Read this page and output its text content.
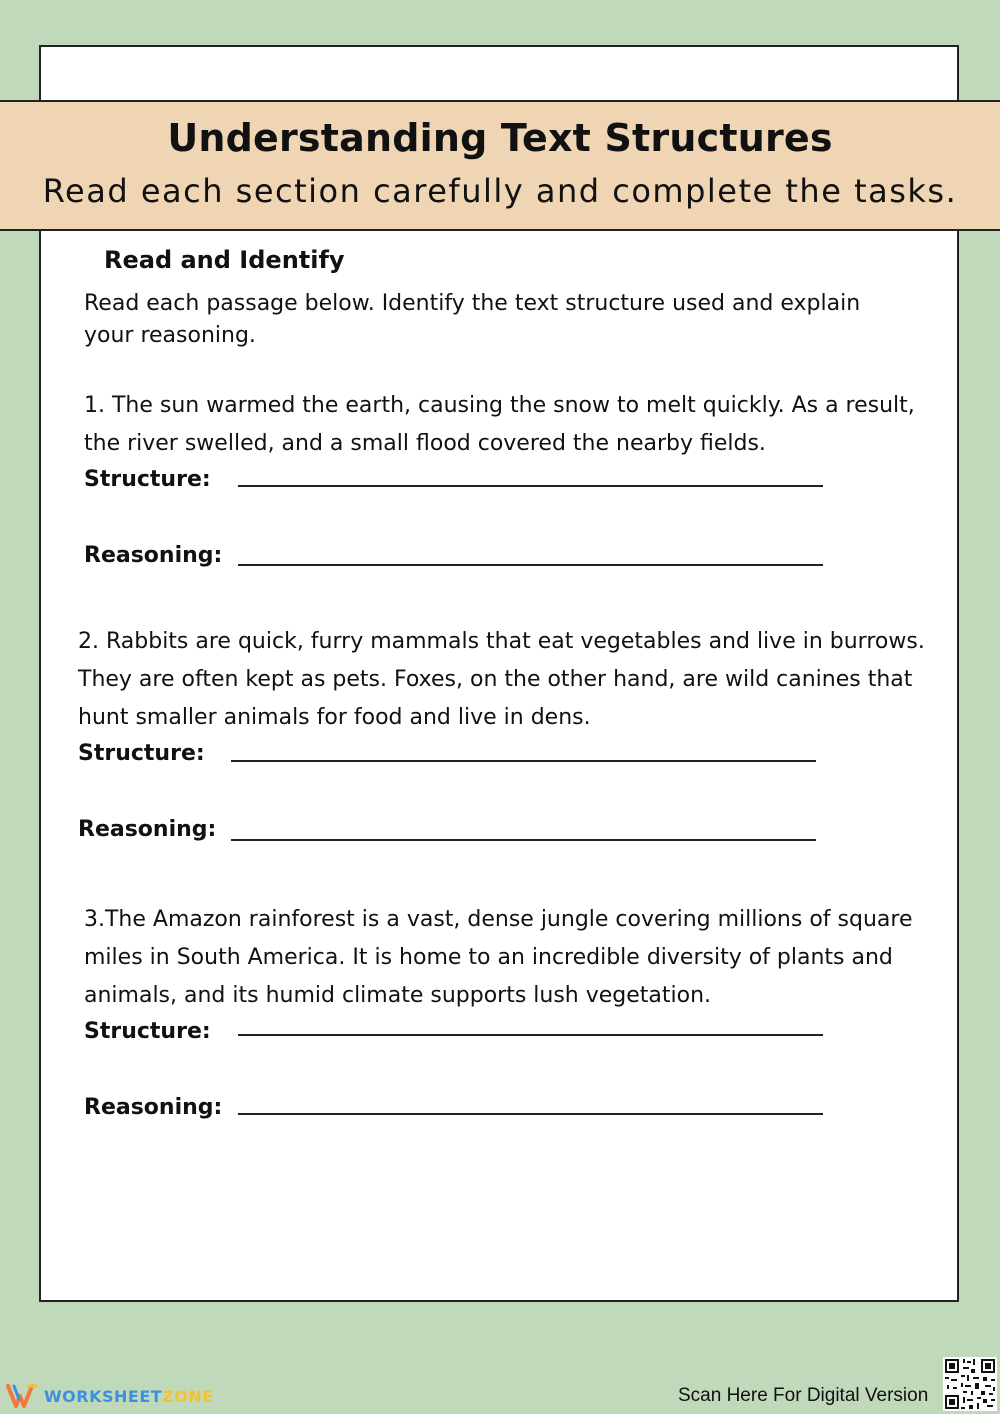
Understanding Text Structures
Read each section carefully and complete the tasks.
Read and Identify
Read each passage below. Identify the text structure used and explain your reasoning.
1. The sun warmed the earth, causing the snow to melt quickly. As a result, the river swelled, and a small flood covered the nearby fields.
Structure:
Reasoning:
2. Rabbits are quick, furry mammals that eat vegetables and live in burrows. They are often kept as pets. Foxes, on the other hand, are wild canines that hunt smaller animals for food and live in dens.
Structure:
Reasoning:
3.The Amazon rainforest is a vast, dense jungle covering millions of square miles in South America. It is home to an incredible diversity of plants and animals, and its humid climate supports lush vegetation.
Structure:
Reasoning:
WORKSHEETZONE	Scan Here For Digital Version
